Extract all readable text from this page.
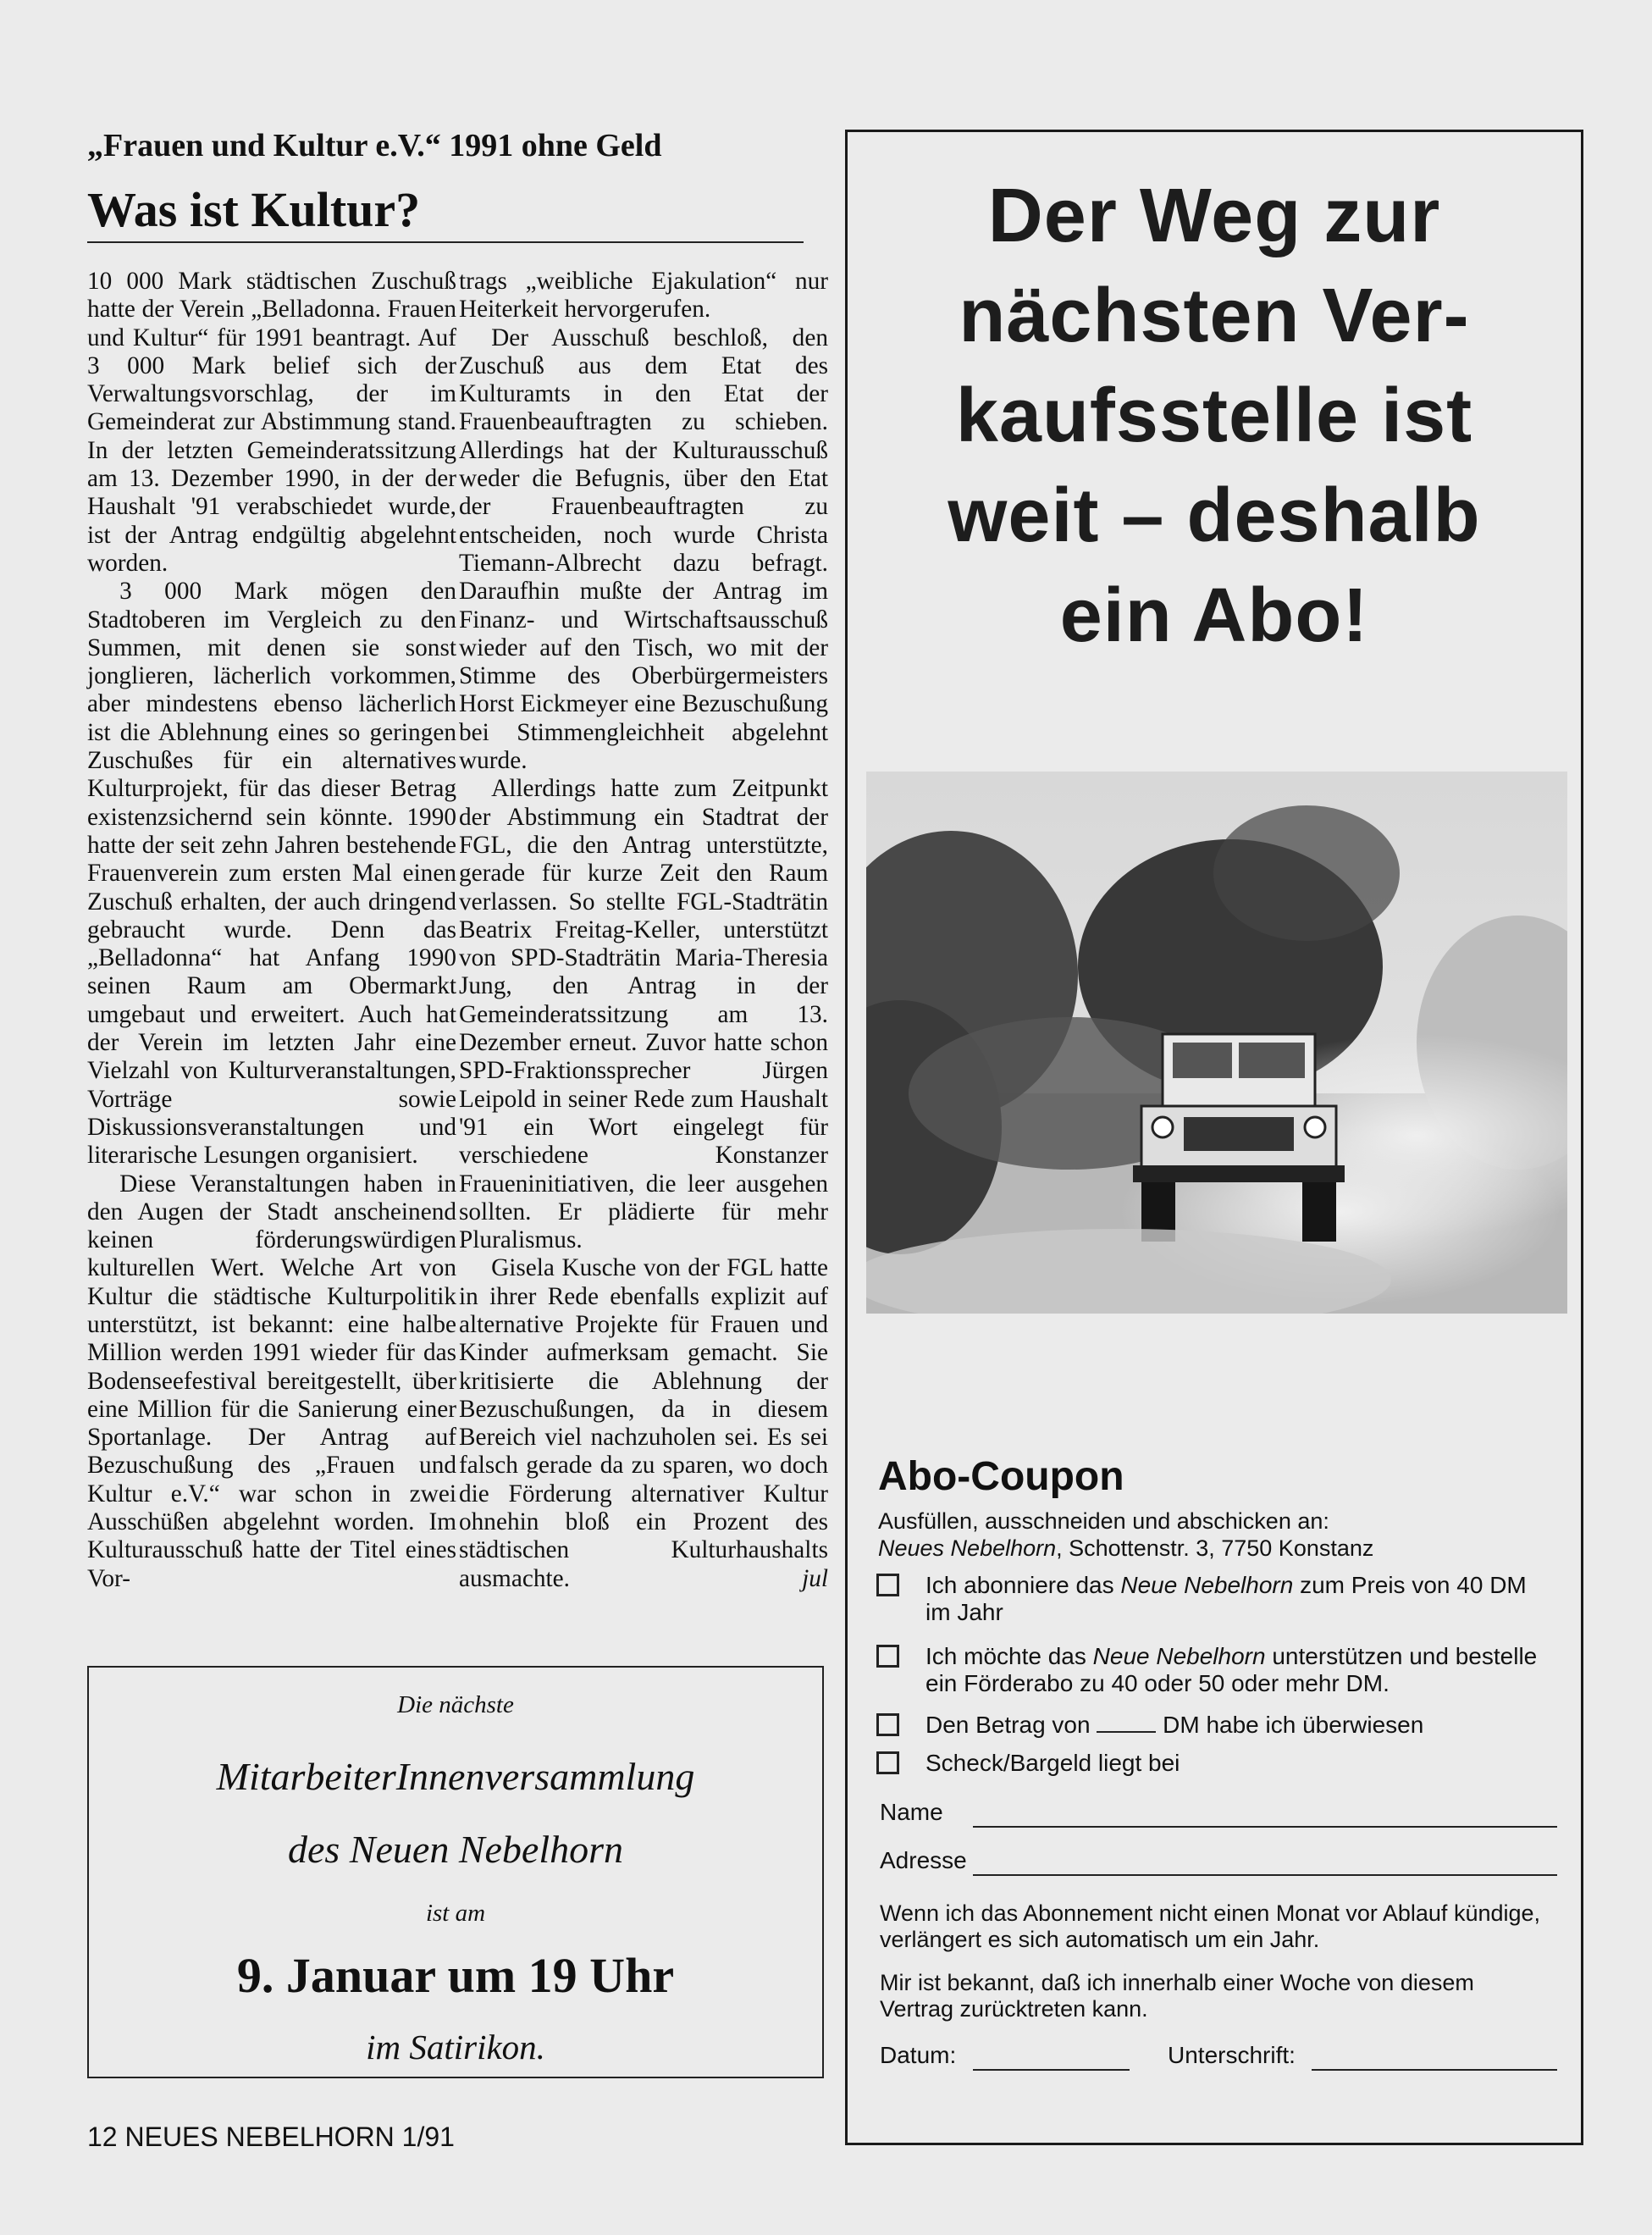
„Frauen und Kultur e.V.“ 1991 ohne Geld
Was ist Kultur?

10 000 Mark städtischen Zuschuß hatte der Verein „Belladonna. Frauen und Kultur“ für 1991 beantragt. Auf 3 000 Mark belief sich der Verwaltungsvorschlag, der im Gemeinderat zur Abstimmung stand. In der letzten Gemeinderatssitzung am 13. Dezember 1990, in der der Haushalt '91 verabschiedet wurde, ist der Antrag endgültig abgelehnt worden.

3 000 Mark mögen den Stadtoberen im Vergleich zu den Summen, mit denen sie sonst jonglieren, lächerlich vorkommen, aber mindestens ebenso lächerlich ist die Ablehnung eines so geringen Zuschußes für ein alternatives Kulturprojekt, für das dieser Betrag existenzsichernd sein könnte. 1990 hatte der seit zehn Jahren bestehende Frauenverein zum ersten Mal einen Zuschuß erhalten, der auch dringend gebraucht wurde. Denn das „Belladonna“ hat Anfang 1990 seinen Raum am Obermarkt umgebaut und erweitert. Auch hat der Verein im letzten Jahr eine Vielzahl von Kulturveranstaltungen, Vorträge sowie Diskussionsveranstaltungen und literarische Lesungen organisiert.

Diese Veranstaltungen haben in den Augen der Stadt anscheinend keinen förderungswürdigen kulturellen Wert. Welche Art von Kultur die städtische Kulturpolitik unterstützt, ist bekannt: eine halbe Million werden 1991 wieder für das Bodenseefestival bereitgestellt, über eine Million für die Sanierung einer Sportanlage. Der Antrag auf Bezuschußung des „Frauen und Kultur e.V.“ war schon in zwei Ausschüßen abgelehnt worden. Im Kulturausschuß hatte der Titel eines Vor-

trags „weibliche Ejakulation“ nur Heiterkeit hervorgerufen.

Der Ausschuß beschloß, den Zuschuß aus dem Etat des Kulturamts in den Etat der Frauenbeauftragten zu schieben. Allerdings hat der Kulturausschuß weder die Befugnis, über den Etat der Frauenbeauftragten zu entscheiden, noch wurde Christa Tiemann-Albrecht dazu befragt. Daraufhin mußte der Antrag im Finanz- und Wirtschaftsausschuß wieder auf den Tisch, wo mit der Stimme des Oberbürgermeisters Horst Eickmeyer eine Bezuschußung bei Stimmengleichheit abgelehnt wurde.

Allerdings hatte zum Zeitpunkt der Abstimmung ein Stadtrat der FGL, die den Antrag unterstützte, gerade für kurze Zeit den Raum verlassen. So stellte FGL-Stadträtin Beatrix Freitag-Keller, unterstützt von SPD-Stadträtin Maria-Theresia Jung, den Antrag in der Gemeinderatssitzung am 13. Dezember erneut. Zuvor hatte schon SPD-Fraktionssprecher Jürgen Leipold in seiner Rede zum Haushalt '91 ein Wort eingelegt für verschiedene Konstanzer Fraueninitiativen, die leer ausgehen sollten. Er plädierte für mehr Pluralismus.

Gisela Kusche von der FGL hatte in ihrer Rede ebenfalls explizit auf alternative Projekte für Frauen und Kinder aufmerksam gemacht. Sie kritisierte die Ablehnung der Bezuschußungen, da in diesem Bereich viel nachzuholen sei. Es sei falsch gerade da zu sparen, wo doch die Förderung alternativer Kultur ohnehin bloß ein Prozent des städtischen Kulturhaushalts ausmachte.	jul

Die nächste
MitarbeiterInnenversammlung
des Neuen Nebelhorn
ist am
9. Januar um 19 Uhr
im Satirikon.
12 NEUES NEBELHORN 1/91
Der Weg zur
nächsten Ver-
kaufsstelle ist
weit – deshalb
ein Abo!
Abo-Coupon
Ausfüllen, ausschneiden und abschicken an:
Neues Nebelhorn, Schottenstr. 3, 7750 Konstanz
Ich abonniere das Neue Nebelhorn zum Preis von 40 DM im Jahr
Ich möchte das Neue Nebelhorn unterstützen und bestelle ein Förderabo zu 40 oder 50 oder mehr DM.
Den Betrag von	DM habe ich überwiesen
Scheck/Bargeld liegt bei
Name
Adresse
Wenn ich das Abonnement nicht einen Monat vor Ablauf kündige, verlängert es sich automatisch um ein Jahr.
Mir ist bekannt, daß ich innerhalb einer Woche von diesem Vertrag zurücktreten kann.
Datum:	Unterschrift:
